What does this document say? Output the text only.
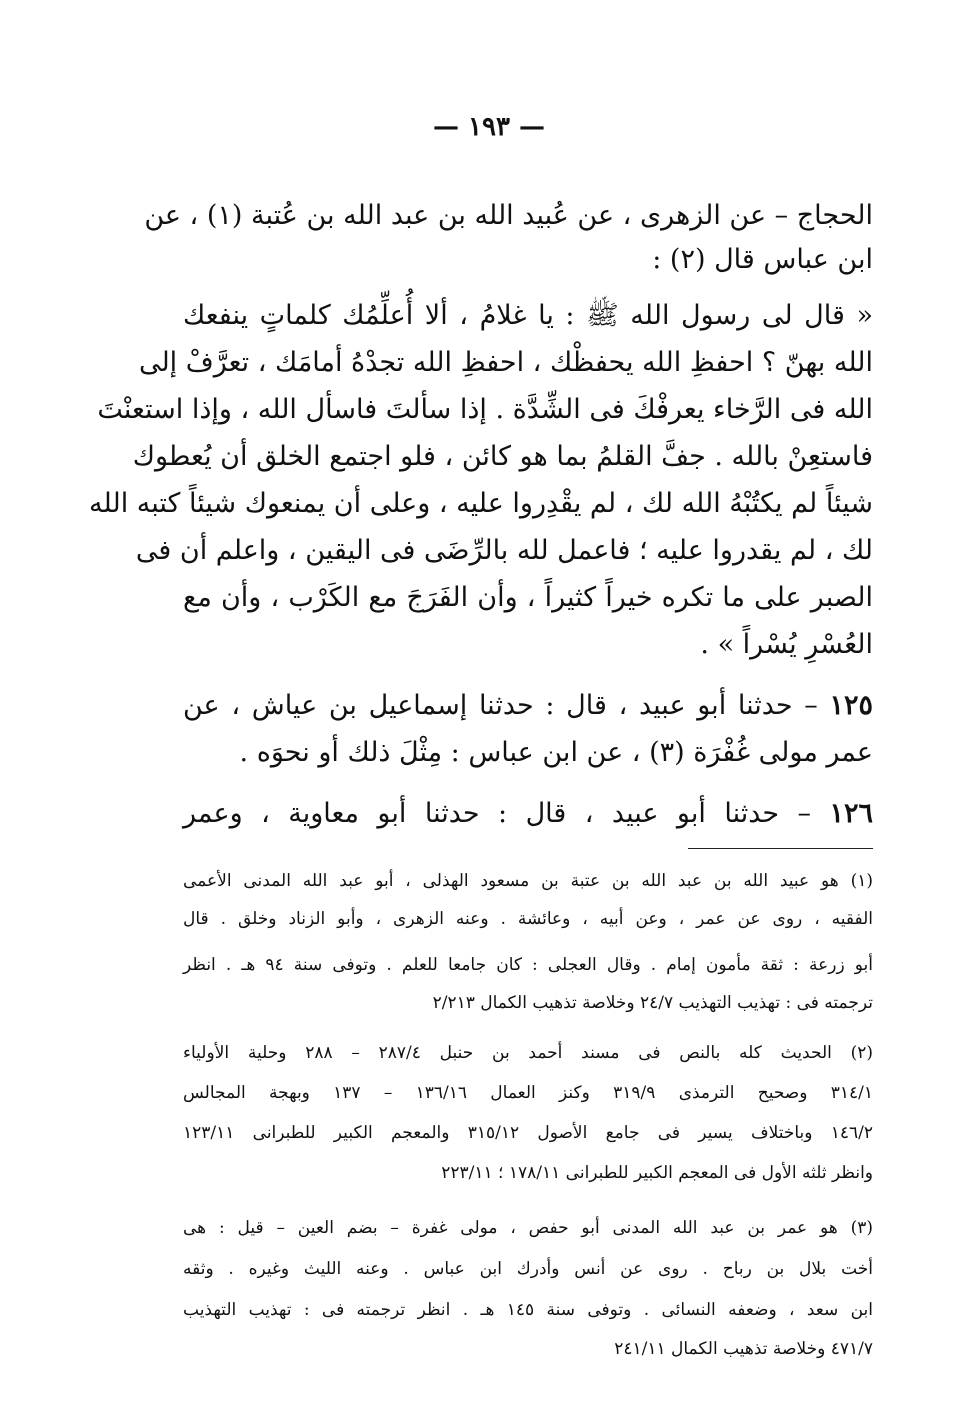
— ١٩٣ —
الحجاج – عن الزهرى ، عن عُبيد الله بن عبد الله بن عُتبة (١) ، عن
ابن عباس قال (٢) :
« قال لى رسول الله ﷺ : يا غلامُ ، ألا أُعلِّمُك كلماتٍ ينفعك
الله بهنّ ؟ احفظِ الله يحفظْك ، احفظِ الله تجدْهُ أمامَك ، تعرَّفْ إلى
الله فى الرَّخاء يعرفْكَ فى الشِّدَّة . إذا سألتَ فاسأل الله ، وإذا استعنْتَ
فاستعِنْ بالله . جفَّ القلمُ بما هو كائن ، فلو اجتمع الخلق أن يُعطوك
شيئاً لم يكتُبْهُ الله لك ، لم يقْدِروا عليه ، وعلى أن يمنعوك شيئاً كتبه الله
لك ، لم يقدروا عليه ؛ فاعمل لله بالرِّضَى فى اليقين ، واعلم أن فى
الصبر على ما تكره خيراً كثيراً ، وأن الفَرَجَ مع الكَرْب ، وأن مع
العُسْرِ يُسْراً » .
١٢٥ – حدثنا أبو عبيد ، قال : حدثنا إسماعيل بن عياش ، عن
عمر مولى غُفْرَة (٣) ، عن ابن عباس : مِثْلَ ذلك أو نحوَه .
١٢٦ – حدثنا أبو عبيد ، قال : حدثنا أبو معاوية ، وعمر
(١) هو عبيد الله بن عبد الله بن عتبة بن مسعود الهذلى ، أبو عبد الله المدنى الأعمى
الفقيه ، روى عن عمر ، وعن أبيه ، وعائشة . وعنه الزهرى ، وأبو الزناد وخلق . قال
أبو زرعة : ثقة مأمون إمام . وقال العجلى : كان جامعا للعلم . وتوفى سنة ٩٤ هـ . انظر
ترجمته فى : تهذيب التهذيب ٢٤/٧ وخلاصة تذهيب الكمال ٢/٢١٣
(٢) الحديث كله بالنص فى مسند أحمد بن حنبل ٢٨٧/٤ – ٢٨٨ وحلية الأولياء
٣١٤/١ وصحيح الترمذى ٣١٩/٩ وكنز العمال ١٣٦/١٦ – ١٣٧ وبهجة المجالس
١٤٦/٢ وباختلاف يسير فى جامع الأصول ٣١٥/١٢ والمعجم الكبير للطبرانى ١٢٣/١١
وانظر ثلثه الأول فى المعجم الكبير للطبرانى ١٧٨/١١ ؛ ٢٢٣/١١
(٣) هو عمر بن عبد الله المدنى أبو حفص ، مولى غفرة – بضم العين – قيل : هى
أخت بلال بن رباح . روى عن أنس وأدرك ابن عباس . وعنه الليث وغيره . وثقه
ابن سعد ، وضعفه النسائى . وتوفى سنة ١٤٥ هـ . انظر ترجمته فى : تهذيب التهذيب
٤٧١/٧ وخلاصة تذهيب الكمال ٢٤١/١١
